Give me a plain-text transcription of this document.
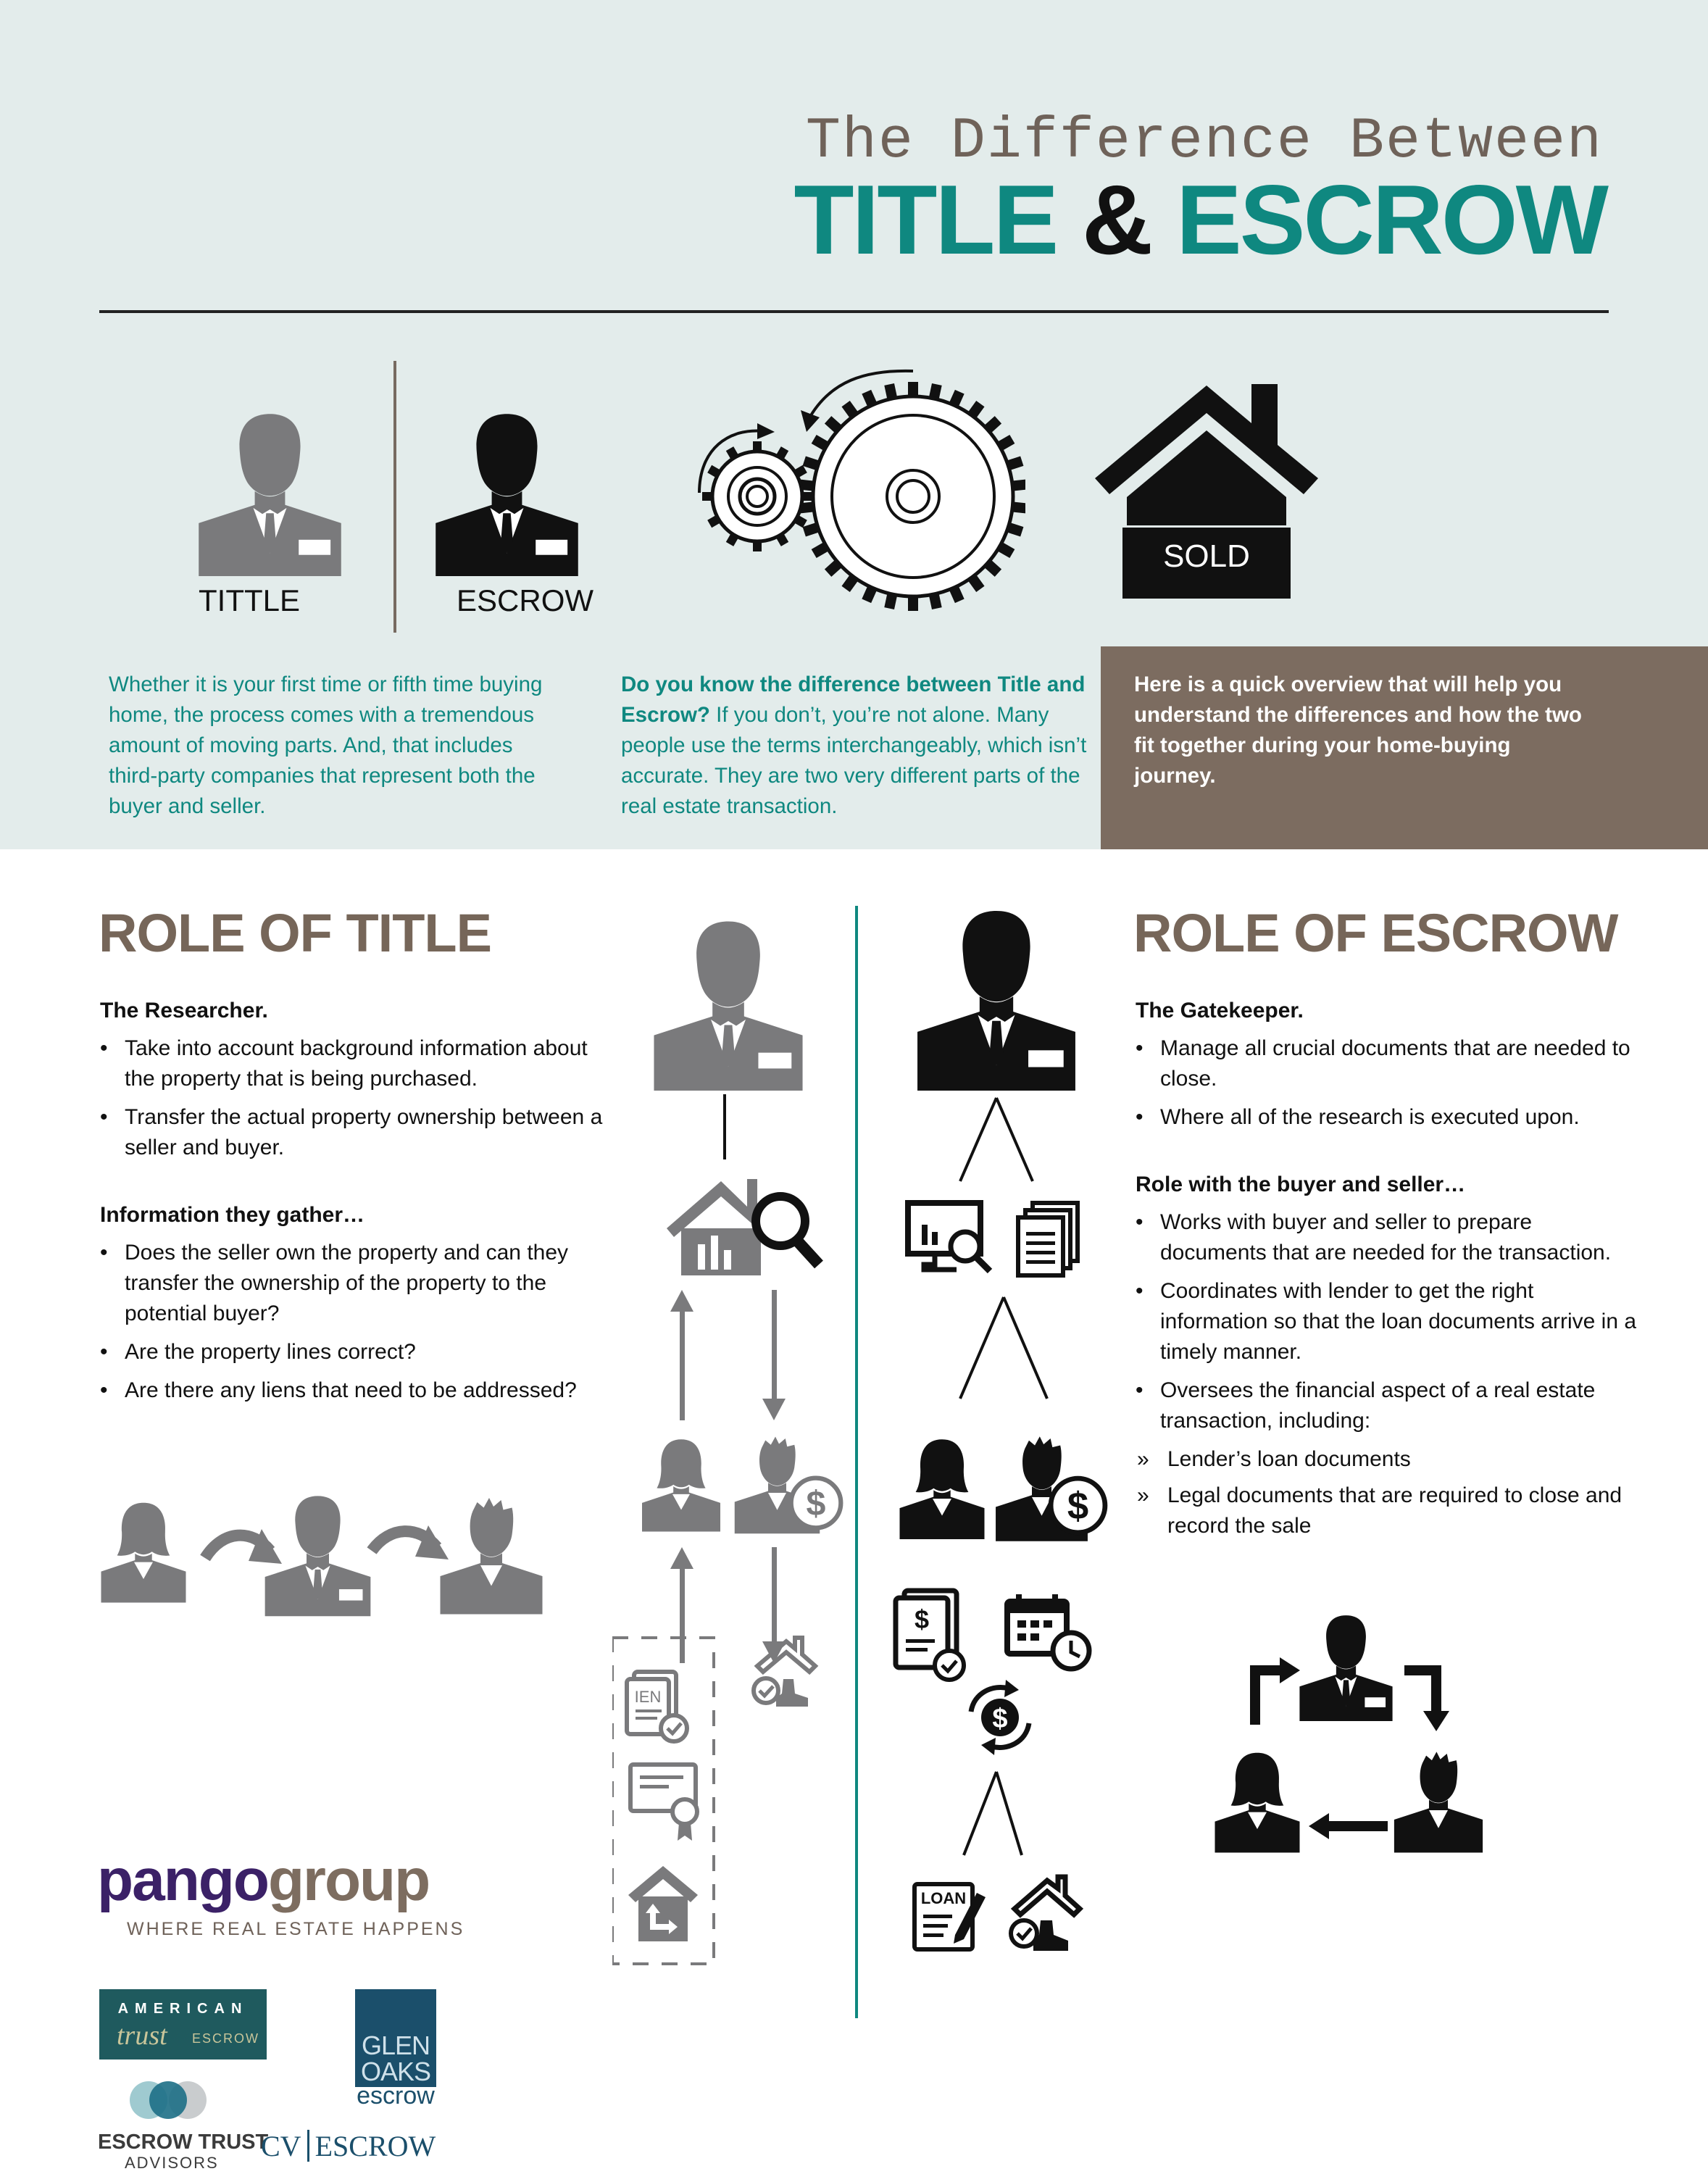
The Difference Between
TITLE & ESCROW
TITTLE	ESCROW
SOLD
Whether it is your first time or fifth time buying home, the process comes with a tremendous amount of moving parts. And, that includes third-party companies that represent both the buyer and seller.
Do you know the difference between Title and Escrow? If you don’t, you’re not alone. Many people use the terms interchangeably, which isn’t accurate. They are two very different parts of the real estate transaction.
Here is a quick overview that will help you understand the differences and how the two fit together during your home-buying journey.
ROLE OF TITLE
The Researcher.
• Take into account background information about the property that is being purchased.
• Transfer the actual property ownership between a seller and buyer.
Information they gather…
• Does the seller own the property and can they transfer the ownership of the property to the potential buyer?
• Are the property lines correct?
• Are there any liens that need to be addressed?
IEN
$
$
LOAN
ROLE OF ESCROW
The Gatekeeper.
• Manage all crucial documents that are needed to close.
• Where all of the research is executed upon.
Role with the buyer and seller…
• Works with buyer and seller to prepare documents that are needed for the transaction.
• Coordinates with lender to get the right information so that the loan documents arrive in a timely manner.
• Oversees the financial aspect of a real estate transaction, including:
» Lender’s loan documents
» Legal documents that are required to close and record the sale
pangogroup
WHERE REAL ESTATE HAPPENS
AMERICAN
trust ESCROW	GLEN
OAKS
escrow
ESCROW TRUST
ADVISORS
CV ESCROW
